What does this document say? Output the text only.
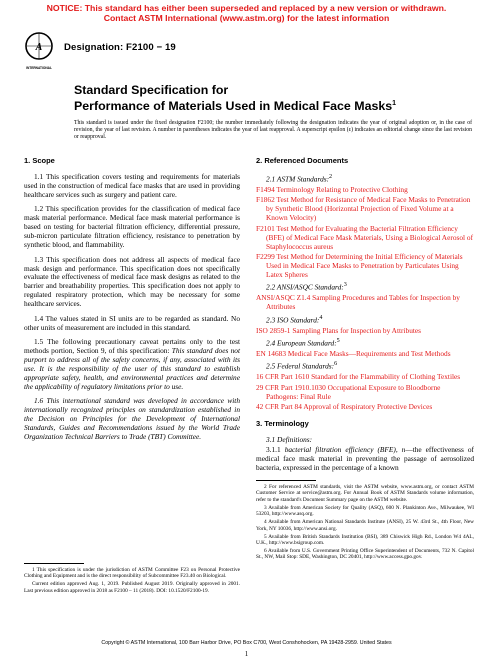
NOTICE: This standard has either been superseded and replaced by a new version or withdrawn.
Contact ASTM International (www.astm.org) for the latest information
A
INTERNATIONAL
Designation: F2100 − 19
Standard Specification for
Performance of Materials Used in Medical Face Masks$^1$
This standard is issued under the fixed designation F2100; the number immediately following the designation indicates the year of original adoption or, in the case of revision, the year of last revision. A number in parentheses indicates the year of last reapproval. A superscript epsilon (ε) indicates an editorial change since the last revision or reapproval.
1. Scope

1.1 This specification covers testing and requirements for materials used in the construction of medical face masks that are used in providing healthcare services such as surgery and patient care.

1.2 This specification provides for the classification of medical face mask material performance. Medical face mask material performance is based on testing for bacterial filtration efficiency, differential pressure, sub-micron particulate filtration efficiency, resistance to penetration by synthetic blood, and flammability.

1.3 This specification does not address all aspects of medical face mask design and performance. This specification does not specifically evaluate the effectiveness of medical face mask designs as related to the barrier and breathability properties. This specification does not apply to regulated respiratory protection, which may be necessary for some healthcare services.

1.4 The values stated in SI units are to be regarded as standard. No other units of measurement are included in this standard.

1.5 The following precautionary caveat pertains only to the test methods portion, Section 9, of this specification: This standard does not purport to address all of the safety concerns, if any, associated with its use. It is the responsibility of the user of this standard to establish appropriate safety, health, and environmental practices and determine the applicability of regulatory limitations prior to use.

1.6 This international standard was developed in accordance with internationally recognized principles on standardization established in the Decision on Principles for the Development of International Standards, Guides and Recommendations issued by the World Trade Organization Technical Barriers to Trade (TBT) Committee.

2. Referenced Documents
2.1 ASTM Standards:$^2$
F1494 Terminology Relating to Protective Clothing
F1862 Test Method for Resistance of Medical Face Masks to Penetration by Synthetic Blood (Horizontal Projection of Fixed Volume at a Known Velocity)
F2101 Test Method for Evaluating the Bacterial Filtration Efficiency (BFE) of Medical Face Mask Materials, Using a Biological Aerosol of Staphylococcus aureus
F2299 Test Method for Determining the Initial Efficiency of Materials Used in Medical Face Masks to Penetration by Particulates Using Latex Spheres
2.2 ANSI/ASQC Standard:$^3$
ANSI/ASQC Z1.4 Sampling Procedures and Tables for Inspection by Attributes
2.3 ISO Standard:$^4$
ISO 2859-1 Sampling Plans for Inspection by Attributes
2.4 European Standard:$^5$
EN 14683 Medical Face Masks—Requirements and Test Methods
2.5 Federal Standards:$^6$
16 CFR Part 1610 Standard for the Flammability of Clothing Textiles
29 CFR Part 1910.1030 Occupational Exposure to Bloodborne Pathogens: Final Rule
42 CFR Part 84 Approval of Respiratory Protective Devices
3. Terminology
3.1 Definitions:

3.1.1 bacterial filtration efficiency (BFE), n—the effectiveness of medical face mask material in preventing the passage of aerosolized bacteria, expressed in the percentage of a known

1 This specification is under the jurisdiction of ASTM Committee F23 on Personal Protective Clothing and Equipment and is the direct responsibility of Subcommittee F23.40 on Biological.

Current edition approved Aug. 1, 2019. Published August 2019. Originally approved in 2001. Last previous edition approved in 2018 as F2100 – 11 (2018). DOI: 10.1520/F2100-19.

2 For referenced ASTM standards, visit the ASTM website, www.astm.org, or contact ASTM Customer Service at service@astm.org. For Annual Book of ASTM Standards volume information, refer to the standard's Document Summary page on the ASTM website.

3 Available from American Society for Quality (ASQ), 600 N. Plankinton Ave., Milwaukee, WI 53203, http://www.asq.org.

4 Available from American National Standards Institute (ANSI), 25 W. 43rd St., 4th Floor, New York, NY 10036, http://www.ansi.org.

5 Available from British Standards Institution (BSI), 389 Chiswick High Rd., London W4 4AL, U.K., http://www.bsigroup.com.

6 Available from U.S. Government Printing Office Superintendent of Documents, 732 N. Capitol St., NW, Mail Stop: SDE, Washington, DC 20401, http://www.access.gpo.gov.

Copyright © ASTM International, 100 Barr Harbor Drive, PO Box C700, West Conshohocken, PA 19428-2959. United States
1
